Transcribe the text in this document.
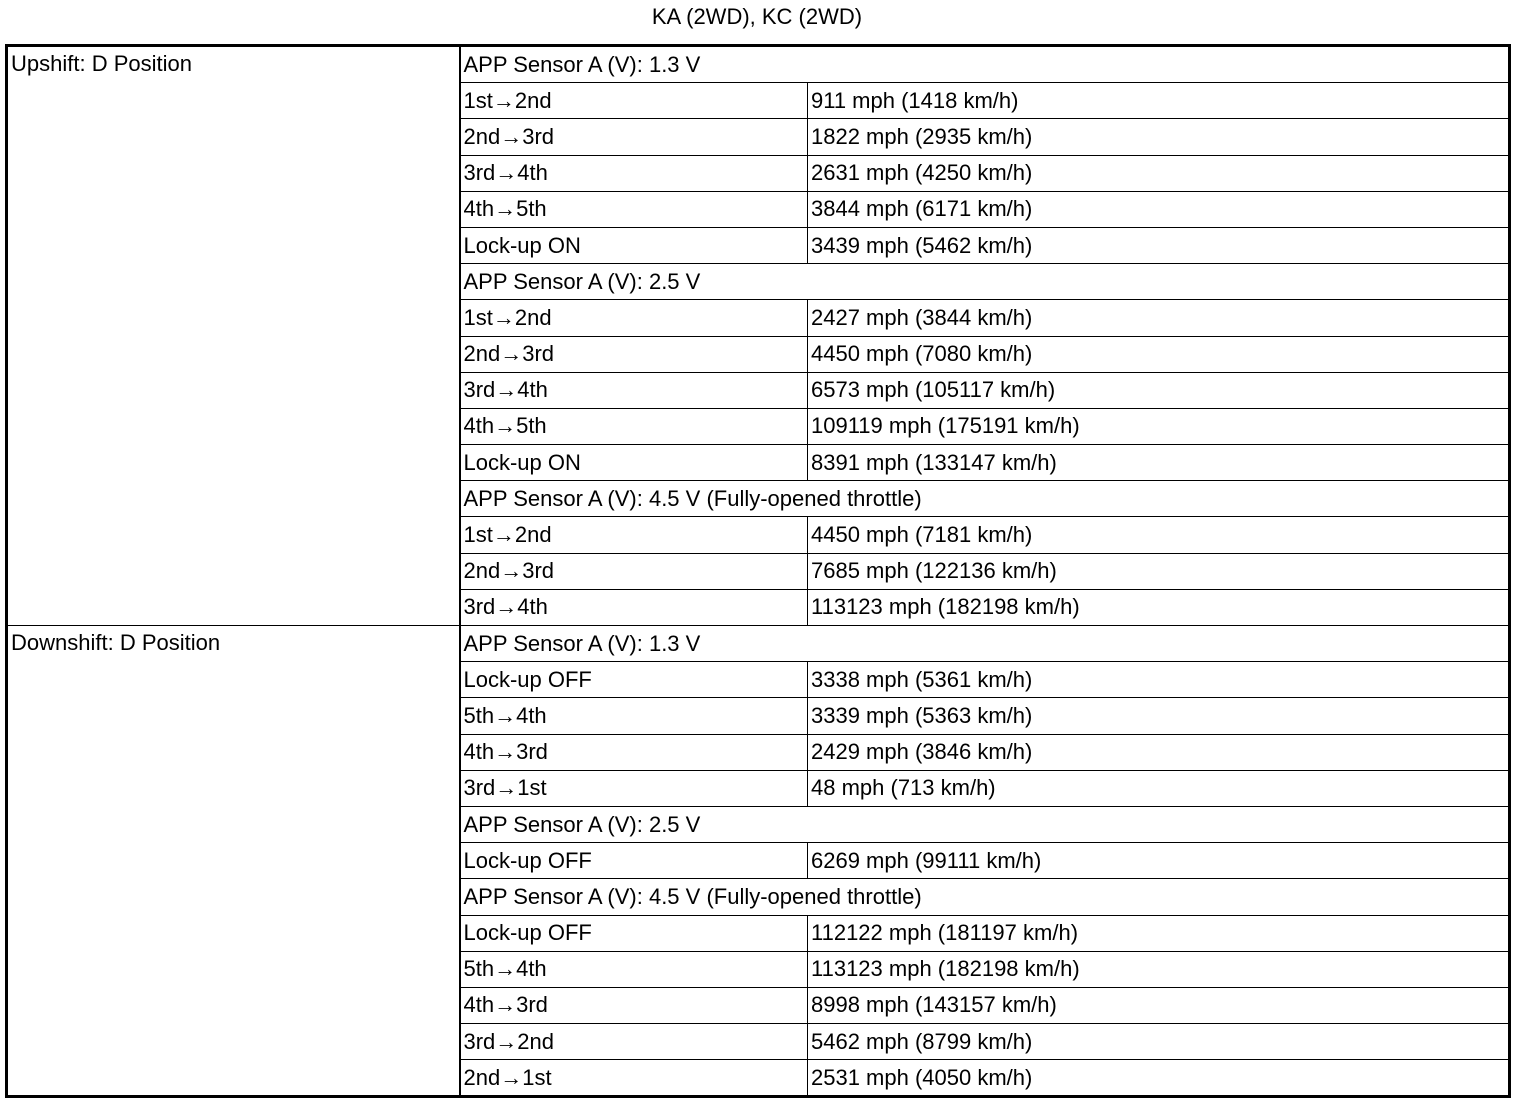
KA (2WD), KC (2WD)
Upshift: D Position	APP Sensor A (V): 1.3 V	
	1st→2nd	911 mph (1418 km/h)
	2nd→3rd	1822 mph (2935 km/h)
	3rd→4th	2631 mph (4250 km/h)
	4th→5th	3844 mph (6171 km/h)
	Lock-up ON	3439 mph (5462 km/h)
	APP Sensor A (V): 2.5 V	
	1st→2nd	2427 mph (3844 km/h)
	2nd→3rd	4450 mph (7080 km/h)
	3rd→4th	6573 mph (105117 km/h)
	4th→5th	109119 mph (175191 km/h)
	Lock-up ON	8391 mph (133147 km/h)
	APP Sensor A (V): 4.5 V (Fully-opened throttle)	
	1st→2nd	4450 mph (7181 km/h)
	2nd→3rd	7685 mph (122136 km/h)
	3rd→4th	113123 mph (182198 km/h)
Downshift: D Position	APP Sensor A (V): 1.3 V	
	Lock-up OFF	3338 mph (5361 km/h)
	5th→4th	3339 mph (5363 km/h)
	4th→3rd	2429 mph (3846 km/h)
	3rd→1st	48 mph (713 km/h)
	APP Sensor A (V): 2.5 V	
	Lock-up OFF	6269 mph (99111 km/h)
	APP Sensor A (V): 4.5 V (Fully-opened throttle)	
	Lock-up OFF	112122 mph (181197 km/h)
	5th→4th	113123 mph (182198 km/h)
	4th→3rd	8998 mph (143157 km/h)
	3rd→2nd	5462 mph (8799 km/h)
	2nd→1st	2531 mph (4050 km/h)
